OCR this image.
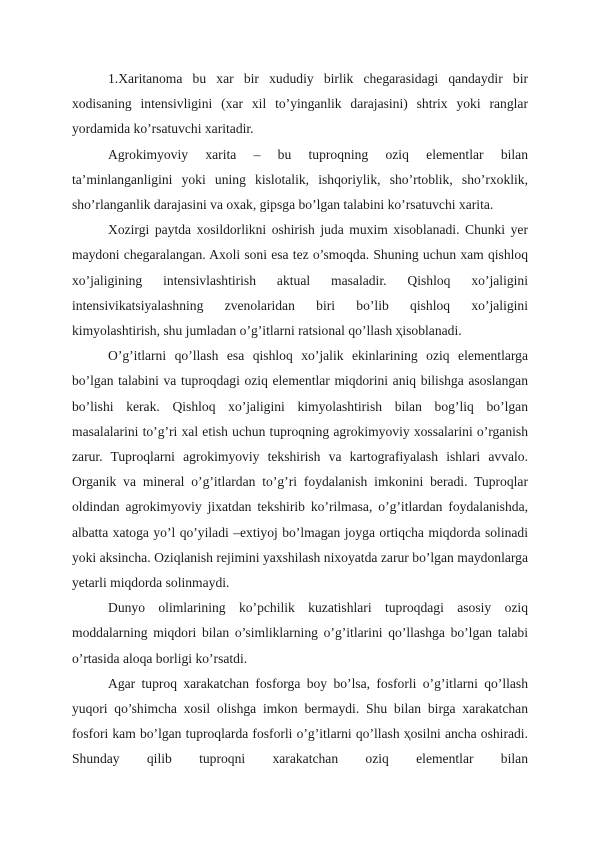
1.Xaritanoma bu xar bir xududiy birlik chegarasidagi qandaydir bir xodisaning intensivligini (xar xil to’yinganlik darajasini) shtrix yoki ranglar yordamida ko’rsatuvchi xaritadir.

Agrokimyoviy xarita – bu tuproqning oziq elementlar bilan ta’minlanganligini yoki uning kislotalik, ishqoriylik, sho’rtoblik, sho’rxoklik, sho’rlanganlik darajasini va oxak, gipsga bo’lgan talabini ko’rsatuvchi xarita.

Xozirgi paytda xosildorlikni oshirish juda muxim xisoblanadi. Chunki yer maydoni chegaralangan. Axoli soni esa tez o’smoqda. Shuning uchun xam qishloq xo’jaligining intensivlashtirish aktual masaladir. Qishloq xo’jaligini intensivikatsiyalashning zvenolaridan biri bo’lib qishloq xo’jaligini kimyolashtirish, shu jumladan o’g’itlarni ratsional qo’llash ҳisoblanadi.

O’g’itlarni qo’llash esa qishloq xo’jalik ekinlarining oziq elementlarga bo’lgan talabini va tuproqdagi oziq elementlar miqdorini aniq bilishga asoslangan bo’lishi kerak. Qishloq xo’jaligini kimyolashtirish bilan bog’liq bo’lgan masalalarini to’g’ri xal etish uchun tuproqning agrokimyoviy xossalarini o’rganish zarur. Tuproqlarni agrokimyoviy tekshirish va kartografiyalash ishlari avvalo. Organik va mineral o’g’itlardan to’g’ri foydalanish imkonini beradi. Tuproqlar oldindan agrokimyoviy jixatdan tekshirib ko’rilmasa, o’g’itlardan foydalanishda, albatta xatoga yo’l qo’yiladi –extiyoj bo’lmagan joyga ortiqcha miqdorda solinadi yoki aksincha. Oziqlanish rejimini yaxshilash nixoyatda zarur bo’lgan maydonlarga yetarli miqdorda solinmaydi.

Dunyo olimlarining ko’pchilik kuzatishlari tuproqdagi asosiy oziq moddalarning miqdori bilan o’simliklarning o’g’itlarini qo’llashga bo’lgan talabi o’rtasida aloqa borligi ko’rsatdi.

Agar tuproq xarakatchan fosforga boy bo’lsa, fosforli o’g’itlarni qo’llash yuqori qo’shimcha xosil olishga imkon bermaydi. Shu bilan birga xarakatchan fosfori kam bo’lgan tuproqlarda fosforli o’g’itlarni qo’llash ҳosilni ancha oshiradi. Shunday qilib tuproqni xarakatchan oziq elementlar bilan
